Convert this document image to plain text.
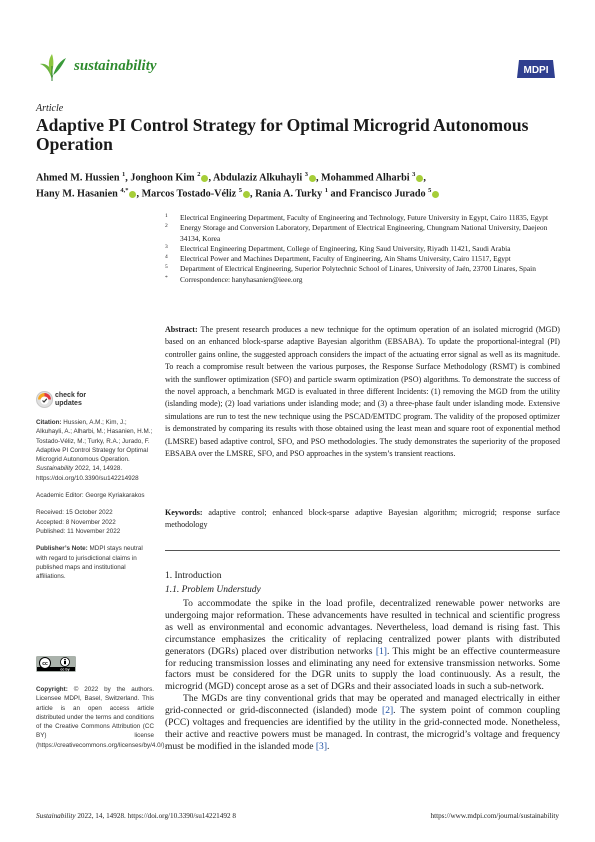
sustainability	MDPI
Article
Adaptive PI Control Strategy for Optimal Microgrid Autonomous Operation
Ahmed M. Hussien $^1$, Jonghoon Kim $^2$ , Abdulaziz Alkuhayli $^3$ , Mohammed Alharbi $^3$ ,
Hany M. Hasanien $^{4,*}$ , Marcos Tostado-Véliz $^5$ , Rania A. Turky $^1$ and Francisco Jurado $^5$
1 Electrical Engineering Department, Faculty of Engineering and Technology, Future University in Egypt, Cairo 11835, Egypt
2 Energy Storage and Conversion Laboratory, Department of Electrical Engineering, Chungnam National University, Daejeon 34134, Korea
3 Electrical Engineering Department, College of Engineering, King Saud University, Riyadh 11421, Saudi Arabia
4 Electrical Power and Machines Department, Faculty of Engineering, Ain Shams University, Cairo 11517, Egypt
5 Department of Electrical Engineering, Superior Polytechnic School of Linares, University of Jaén, 23700 Linares, Spain
* Correspondence: hanyhasanien@ieee.org
Abstract: The present research produces a new technique for the optimum operation of an isolated microgrid (MGD) based on an enhanced block-sparse adaptive Bayesian algorithm (EBSABA). To update the proportional-integral (PI) controller gains online, the suggested approach considers the impact of the actuating error signal as well as its magnitude. To reach a compromise result between the various purposes, the Response Surface Methodology (RSMT) is combined with the sunflower optimization (SFO) and particle swarm optimization (PSO) algorithms. To demonstrate the success of the novel approach, a benchmark MGD is evaluated in three different Incidents: (1) removing the MGD from the utility (islanding mode); (2) load variations under islanding mode; and (3) a three-phase fault under islanding mode. Extensive simulations are run to test the new technique using the PSCAD/EMTDC program. The validity of the proposed optimizer is demonstrated by comparing its results with those obtained using the least mean and square root of exponential method (LMSRE) based adaptive control, SFO, and PSO methodologies. The study demonstrates the superiority of the proposed EBSABA over the LMSRE, SFO, and PSO approaches in the system’s transient reactions.
Keywords: adaptive control; enhanced block-sparse adaptive Bayesian algorithm; microgrid; response surface methodology
check for
updates

Citation: Hussien, A.M.; Kim, J.; Alkuhayli, A.; Alharbi, M.; Hasanien, H.M.; Tostado-Véliz, M.; Turky, R.A.; Jurado, F. Adaptive PI Control Strategy for Optimal Microgrid Autonomous Operation. Sustainability 2022, 14, 14928. https://doi.org/10.3390/su142214928

Academic Editor: George Kyriakarakos

Received: 15 October 2022
Accepted: 8 November 2022
Published: 11 November 2022

Publisher’s Note: MDPI stays neutral with regard to jurisdictional claims in published maps and institutional affiliations.

cc
cc by
Copyright: © 2022 by the authors. Licensee MDPI, Basel, Switzerland. This article is an open access article distributed under the terms and conditions of the Creative Commons Attribution (CC BY) license (https://creativecommons.org/licenses/by/4.0/).
1. Introduction
1.1. Problem Understudy

To accommodate the spike in the load profile, decentralized renewable power networks are undergoing major reformation. These advancements have resulted in technical and scientific progress as well as environmental and economic advantages. Nevertheless, load demand is rising fast. This circumstance emphasizes the criticality of replacing centralized power plants with distributed generators (DGRs) placed over distribution networks [1]. This might be an effective countermeasure for reducing transmission losses and eliminating any need for extensive transmission networks. Some factors must be considered for the DGR units to supply the load continuously. As a result, the microgrid (MGD) concept arose as a set of DGRs and their associated loads in such a sub-network.

The MGDs are tiny conventional grids that may be operated and managed electrically in either grid-connected or grid-disconnected (islanded) mode [2]. The system point of common coupling (PCC) voltages and frequencies are identified by the utility in the grid-connected mode. Nonetheless, their active and reactive powers must be managed. In contrast, the microgrid’s voltage and frequency must be modified in the islanded mode [3].

Sustainability 2022, 14, 14928. https://doi.org/10.3390/su14221492 8	https://www.mdpi.com/journal/sustainability
